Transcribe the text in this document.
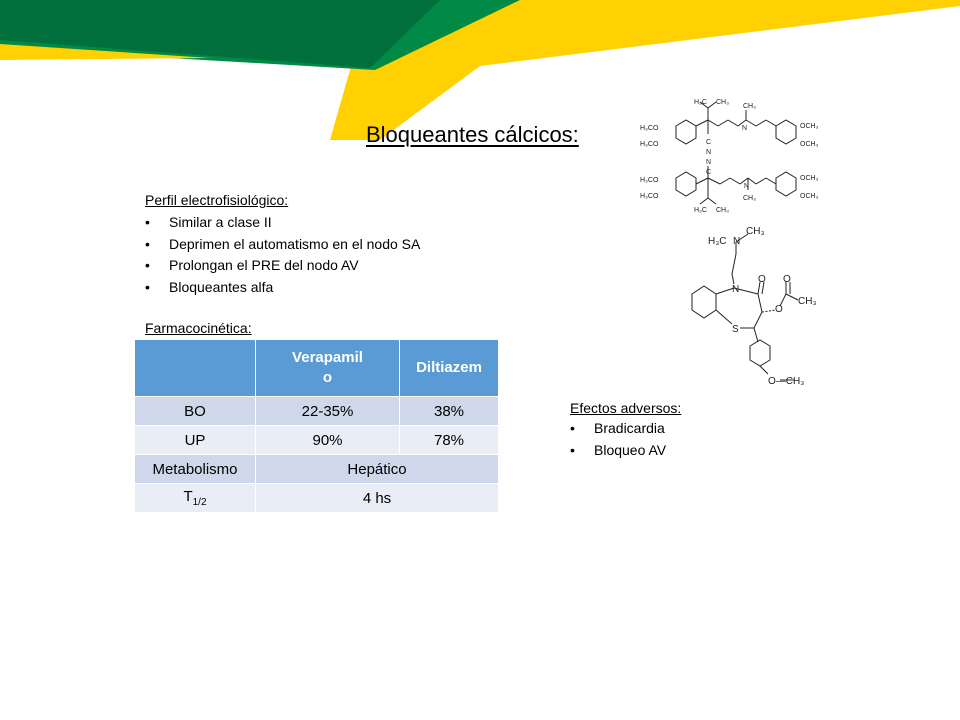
Bloqueantes cálcicos:
Perfil electrofisiológico:
• Similar a clase II
• Deprimen el automatismo en el nodo SA
• Prolongan el PRE del nodo AV
• Bloqueantes alfa
Farmacocinética:
	Verapamil o	Diltiazem
BO	22-35%	38%
UP	90%	78%
Metabolismo	Hepático	
$T_{1/2}$	4 hs	
Efectos adversos:
• Bradicardia
• Bloqueo AV
H₃C CH₃
H₃CO
H₃CO	C
N
N
CH₃
OCH₃
OCH₃
H₃CO
H₃CO
N
C
H₃C CH₃
N
CH₃
OCH₃
OCH₃
H₃C N
CH₃
N
O
S
O
O
CH₃
O—CH₃
